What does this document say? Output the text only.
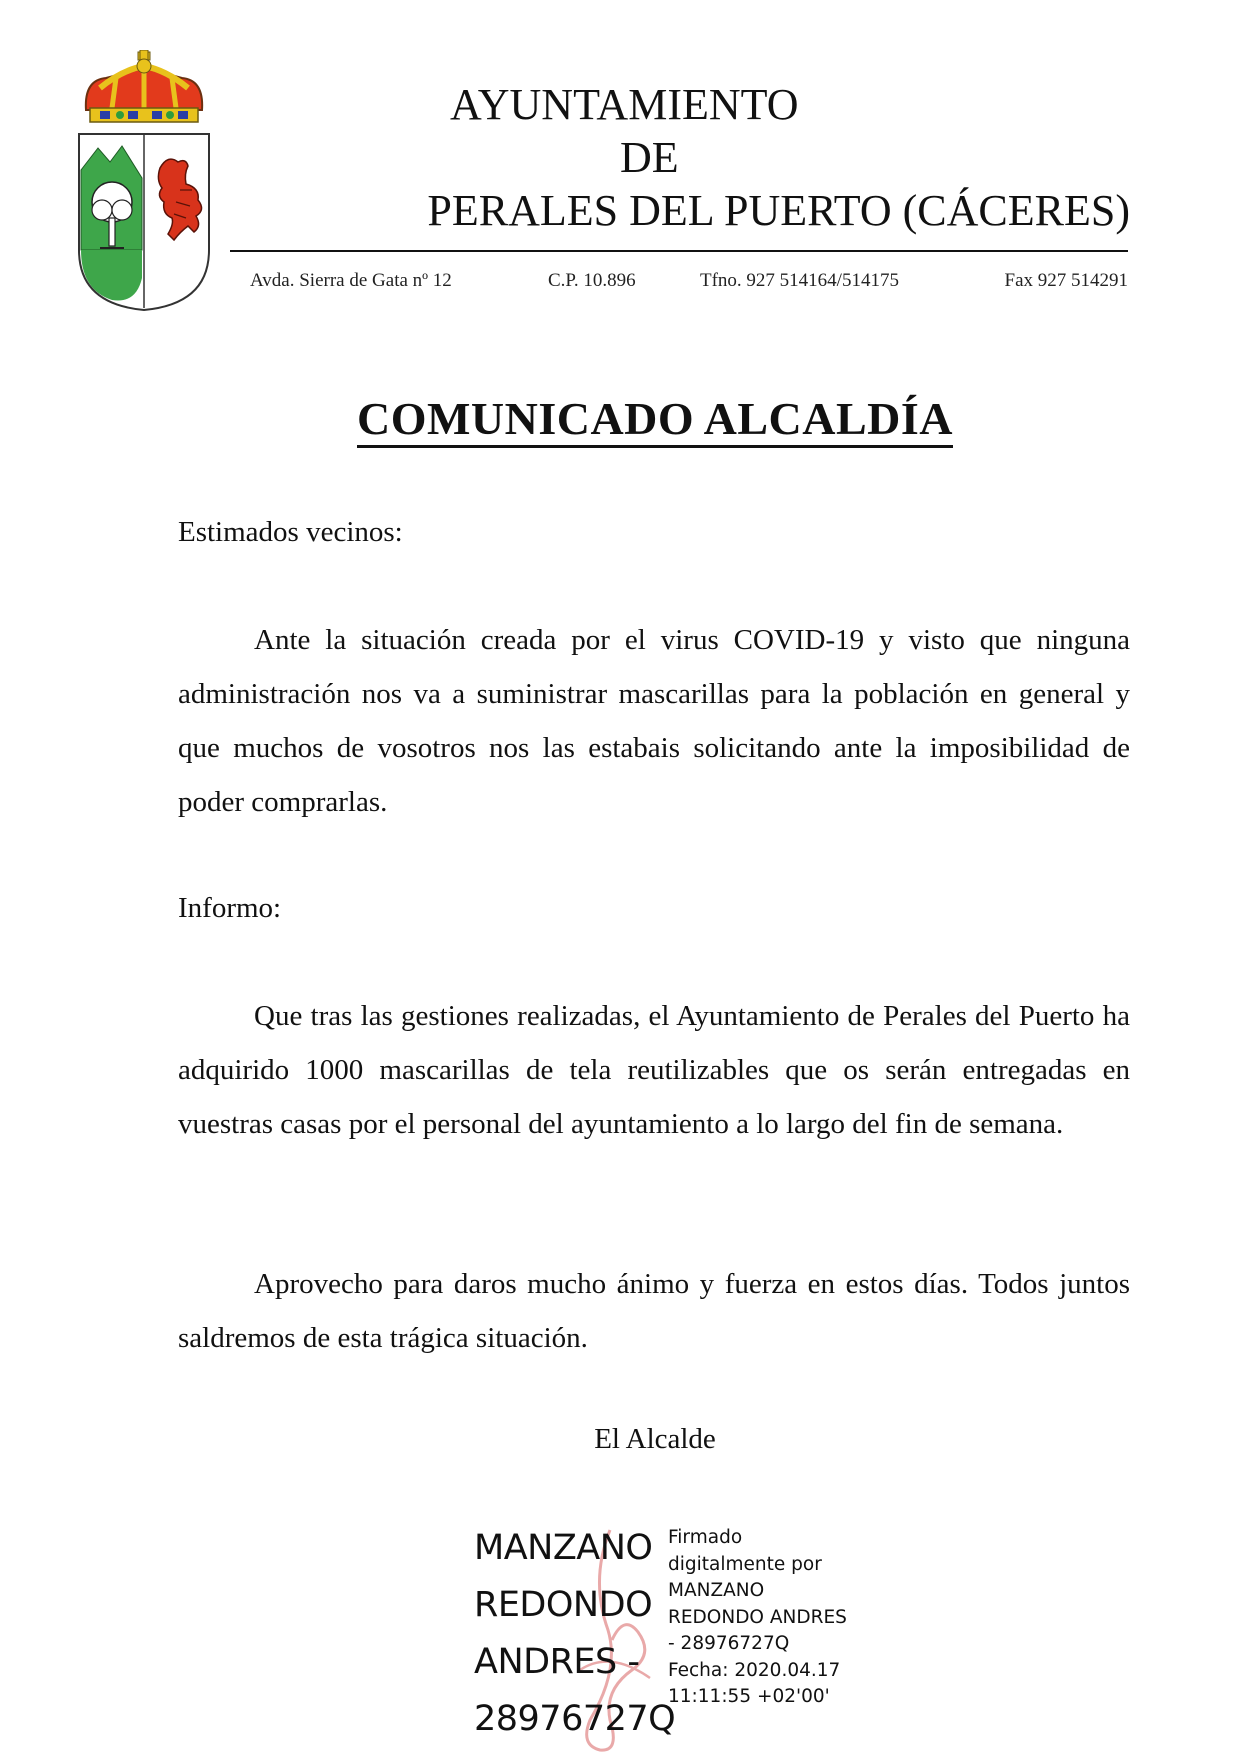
AYUNTAMIENTO
DE
PERALES DEL PUERTO (CÁCERES)
Avda. Sierra de Gata nº 12	C.P. 10.896	Tfno. 927 514164/514175	Fax 927 514291
COMUNICADO ALCALDÍA
Estimados vecinos:
Ante la situación creada por el virus COVID-19 y visto que ninguna administración nos va a suministrar mascarillas para la población en general y que muchos de vosotros nos las estabais solicitando ante la imposibilidad de poder comprarlas.
Informo:
Que tras las gestiones realizadas, el Ayuntamiento de Perales del Puerto ha adquirido 1000 mascarillas de tela reutilizables que os serán entregadas en vuestras casas por el personal del ayuntamiento a lo largo del fin de semana.
Aprovecho para daros mucho ánimo y fuerza en estos días. Todos juntos saldremos de esta trágica situación.
El Alcalde
MANZANO
REDONDO
ANDRES -
28976727Q
Firmado
digitalmente por
MANZANO
REDONDO ANDRES
- 28976727Q
Fecha: 2020.04.17
11:11:55 +02'00'
